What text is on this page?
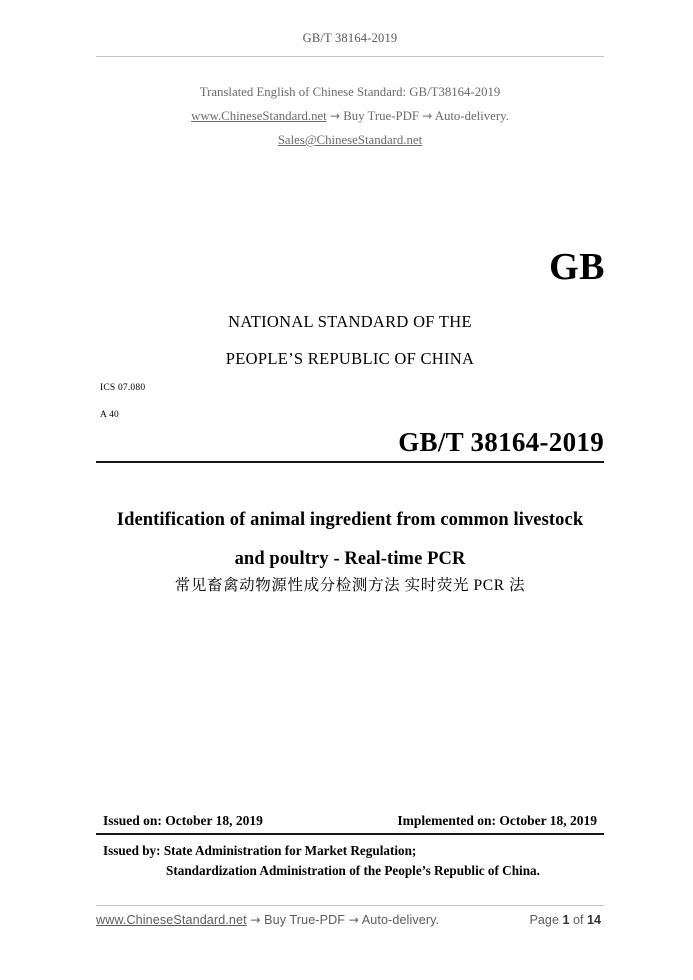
GB/T 38164-2019
Translated English of Chinese Standard: GB/T38164-2019
www.ChineseStandard.net → Buy True-PDF → Auto-delivery.
Sales@ChineseStandard.net
GB
NATIONAL STANDARD OF THE
PEOPLE’S REPUBLIC OF CHINA
ICS 07.080
A 40
GB/T 38164-2019
Identification of animal ingredient from common livestock
and poultry - Real-time PCR
常见畜禽动物源性成分检测方法 实时荧光 PCR 法
Issued on: October 18, 2019	Implemented on: October 18, 2019
Issued by: State Administration for Market Regulation;
Standardization Administration of the People’s Republic of China.
www.ChineseStandard.net → Buy True-PDF → Auto-delivery.	Page 1 of 14
